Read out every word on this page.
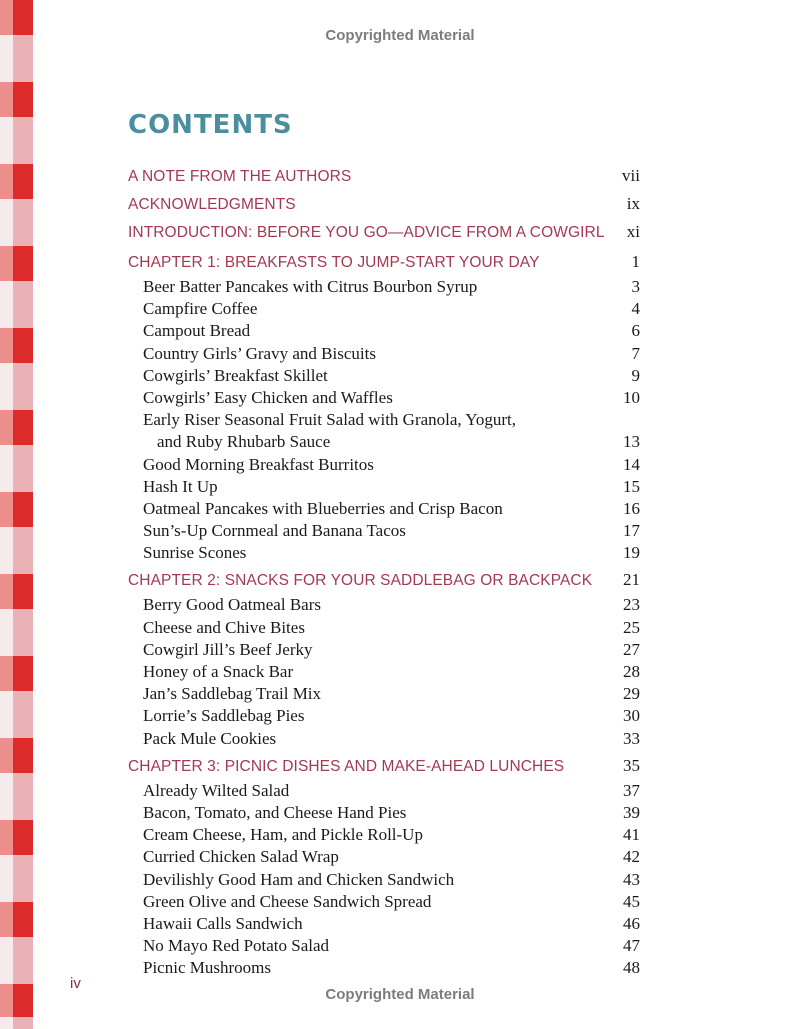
Copyrighted Material
CONTENTS
A NOTE FROM THE AUTHORS	vii
ACKNOWLEDGMENTS	ix
INTRODUCTION: BEFORE YOU GO—ADVICE FROM A COWGIRL xi
CHAPTER 1: BREAKFASTS TO JUMP-START YOUR DAY	1
Beer Batter Pancakes with Citrus Bourbon Syrup	3
Campfire Coffee	4
Campout Bread	6
Country Girls’ Gravy and Biscuits	7
Cowgirls’ Breakfast Skillet	9
Cowgirls’ Easy Chicken and Waffles	10
Early Riser Seasonal Fruit Salad with Granola, Yogurt,
and Ruby Rhubarb Sauce	13
Good Morning Breakfast Burritos	14
Hash It Up	15
Oatmeal Pancakes with Blueberries and Crisp Bacon	16
Sun’s-Up Cornmeal and Banana Tacos	17
Sunrise Scones	19
CHAPTER 2: SNACKS FOR YOUR SADDLEBAG OR BACKPACK 21
Berry Good Oatmeal Bars	23
Cheese and Chive Bites	25
Cowgirl Jill’s Beef Jerky	27
Honey of a Snack Bar	28
Jan’s Saddlebag Trail Mix	29
Lorrie’s Saddlebag Pies	30
Pack Mule Cookies	33
CHAPTER 3: PICNIC DISHES AND MAKE-AHEAD LUNCHES	35
Already Wilted Salad	37
Bacon, Tomato, and Cheese Hand Pies	39
Cream Cheese, Ham, and Pickle Roll-Up	41
Curried Chicken Salad Wrap	42
Devilishly Good Ham and Chicken Sandwich	43
Green Olive and Cheese Sandwich Spread	45
Hawaii Calls Sandwich	46
No Mayo Red Potato Salad	47
Picnic Mushrooms	48
iv
Copyrighted Material
